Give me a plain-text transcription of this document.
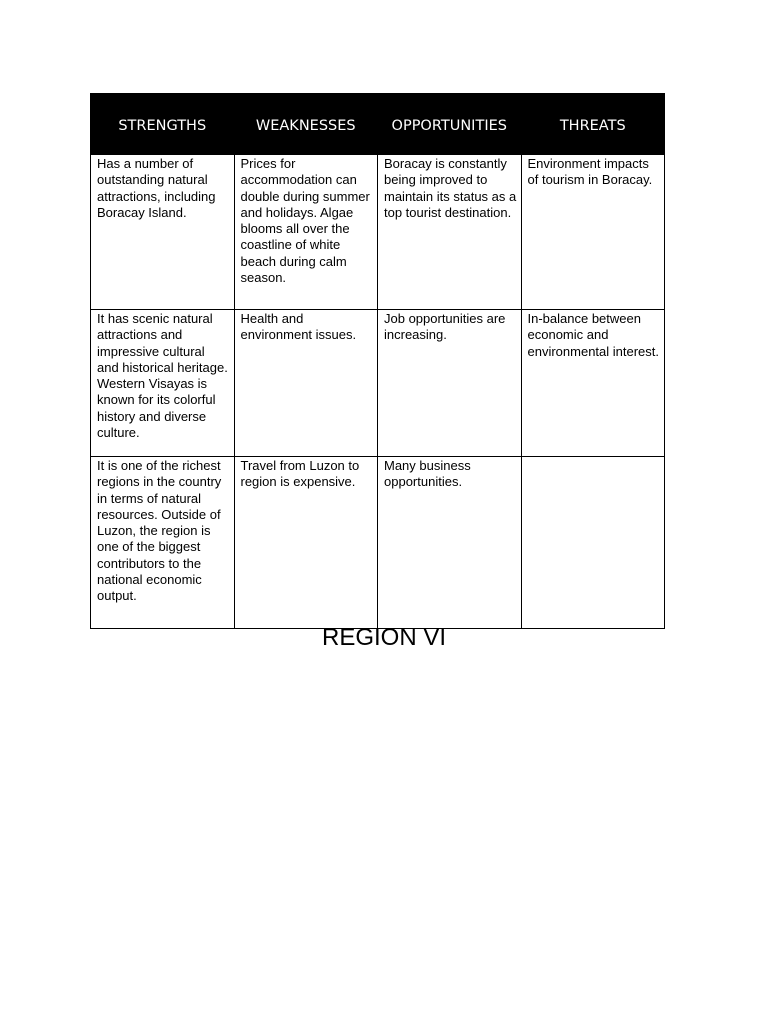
STRENGTHS	WEAKNESSES	OPPORTUNITIES	THREATS
Has a number of outstanding natural attractions, including Boracay Island.	Prices for accommodation can double during summer and holidays. Algae blooms all over the coastline of white beach during calm season.	Boracay is constantly being improved to maintain its status as a top tourist destination.	Environment impacts of tourism in Boracay.
It has scenic natural attractions and impressive cultural and historical heritage. Western Visayas is known for its colorful history and diverse culture.	Health and environment issues.	Job opportunities are increasing.	In-balance between economic and environmental interest.
It is one of the richest regions in the country in terms of natural resources. Outside of Luzon, the region is one of the biggest contributors to the national economic output.	Travel from Luzon to region is expensive.	Many business opportunities.	
REGION VI
